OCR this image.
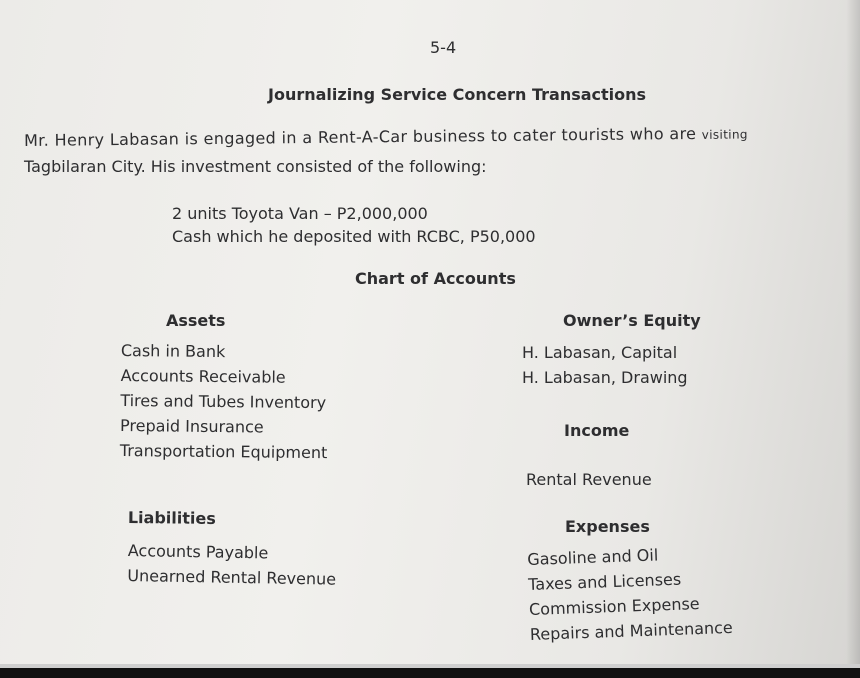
5-4
Journalizing Service Concern Transactions
Mr. Henry Labasan is engaged in a Rent-A-Car business to cater tourists who are visiting
Tagbilaran City. His investment consisted of the following:
2 units Toyota Van – P2,000,000
Cash which he deposited with RCBC, P50,000
Chart of Accounts
Assets
Cash in Bank
Accounts Receivable
Tires and Tubes Inventory
Prepaid Insurance
Transportation Equipment
Liabilities
Accounts Payable
Unearned Rental Revenue
Owner’s Equity
H. Labasan, Capital
H. Labasan, Drawing
Income
Rental Revenue
Expenses
Gasoline and Oil
Taxes and Licenses
Commission Expense
Repairs and Maintenance
